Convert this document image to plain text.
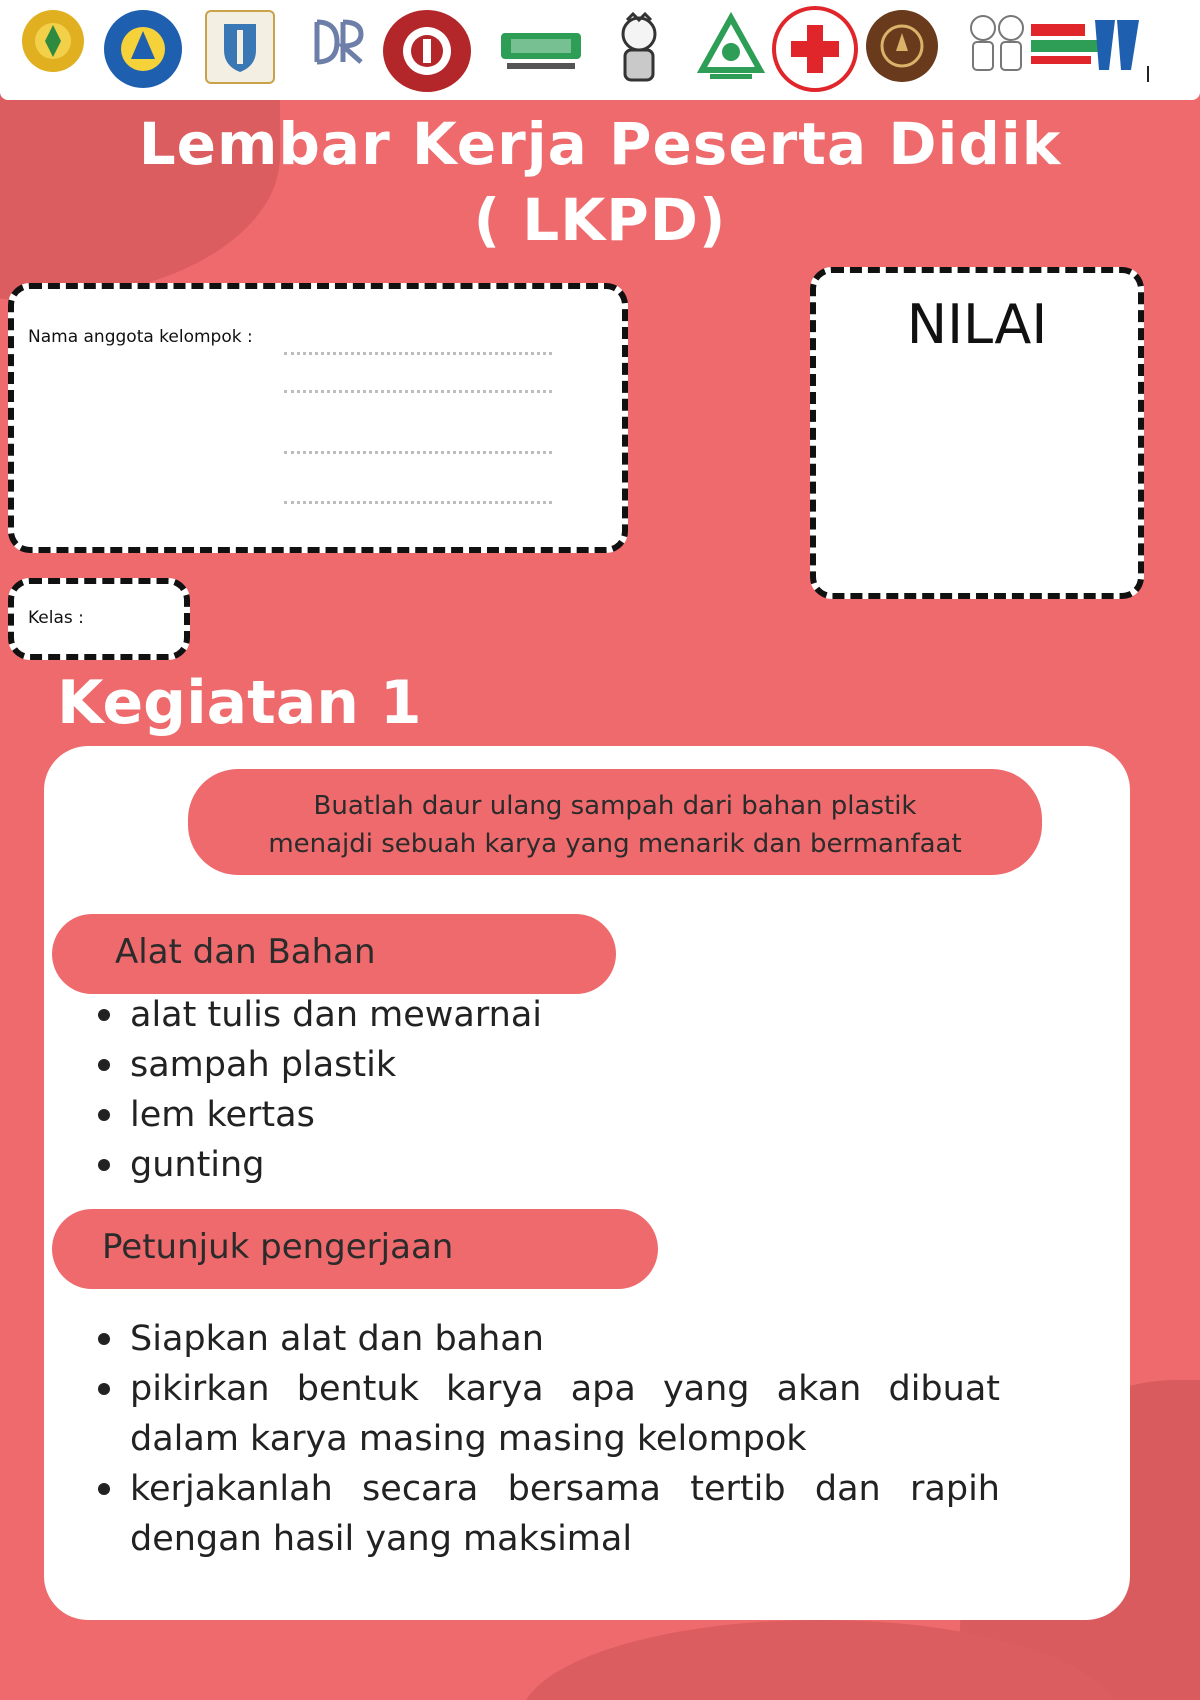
Lembar Kerja Peserta Didik
( LKPD)
Nama anggota kelompok :	NILAI
Kelas :
Kegiatan 1
Buatlah daur ulang sampah dari bahan plastik
menajdi sebuah karya yang menarik dan bermanfaat
Alat dan Bahan
alat tulis dan mewarnai
sampah plastik
lem kertas
gunting
Petunjuk pengerjaan
Siapkan alat dan bahan
pikirkan bentuk karya apa yang akan dibuat dalam karya masing masing kelompok
kerjakanlah secara bersama tertib dan rapih dengan hasil yang maksimal
